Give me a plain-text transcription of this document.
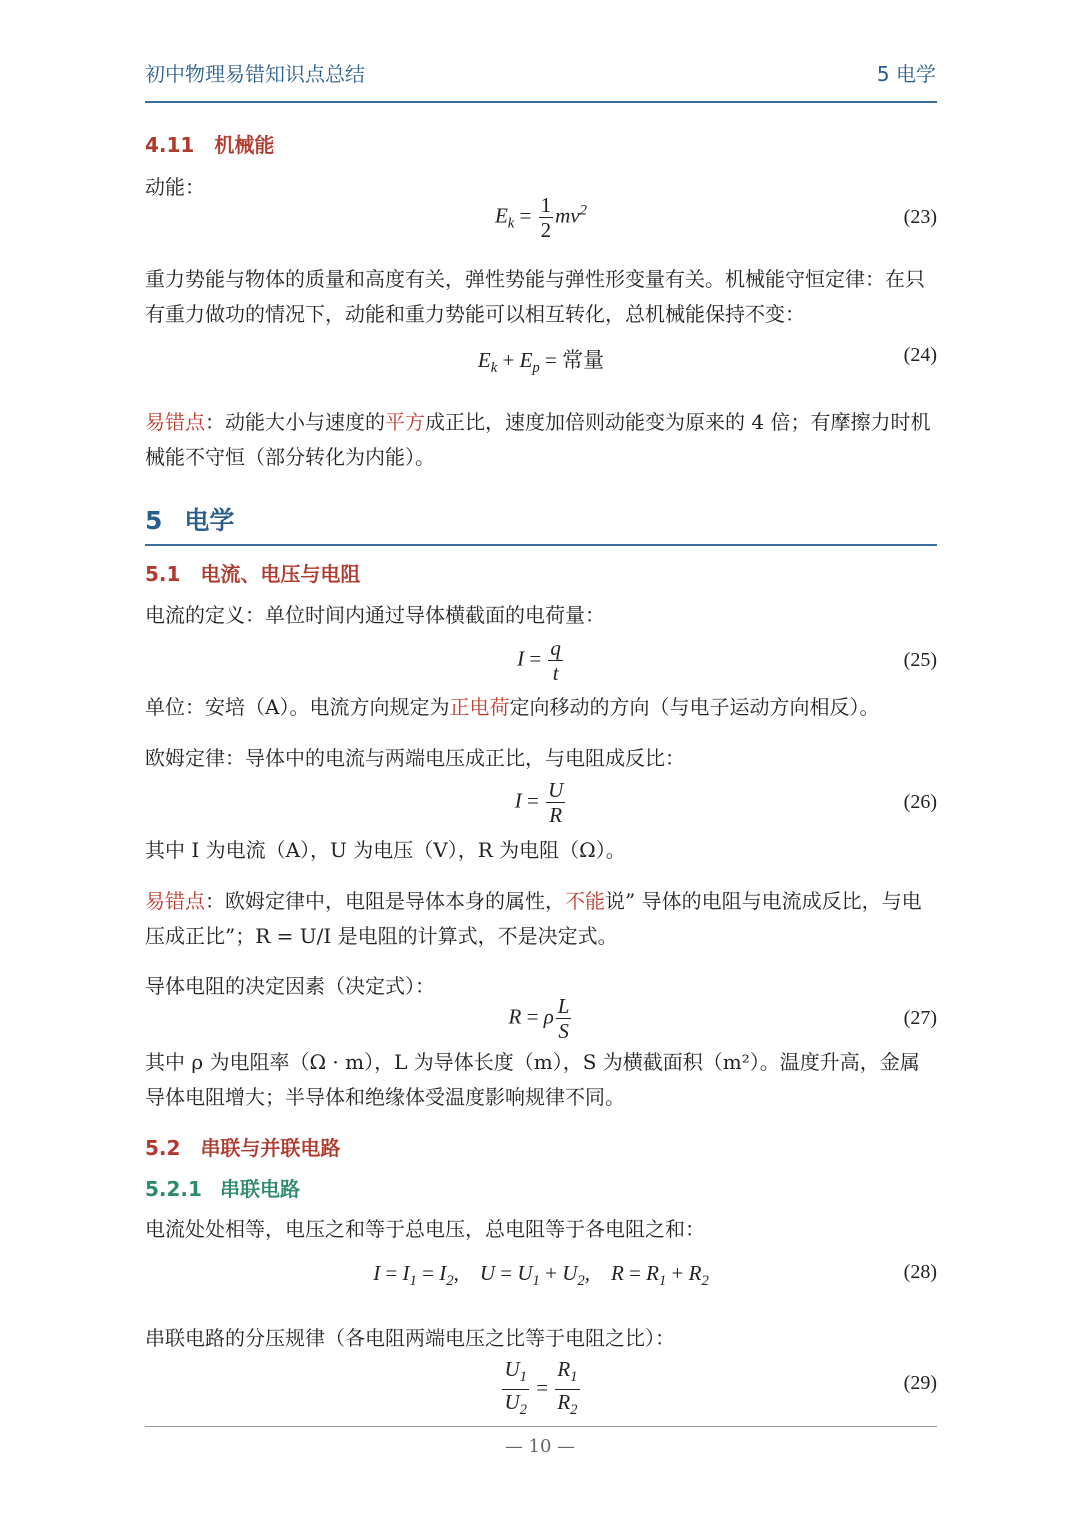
初中物理易错知识点总结	5 电学
4.11 机械能
动能：
$E_k = \frac{1}{2} mv^2$	(23)
重力势能与物体的质量和高度有关，弹性势能与弹性形变量有关。机械能守恒定律：在只有重力做功的情况下，动能和重力势能可以相互转化，总机械能保持不变：
$E_k + E_p$ = 常量	(24)
易错点：动能大小与速度的平方成正比，速度加倍则动能变为原来的 4 倍；有摩擦力时机械能不守恒（部分转化为内能）。
5 电学
5.1 电流、电压与电阻
电流的定义：单位时间内通过导体横截面的电荷量：
$I = \frac{q}{t}$	(25)
单位：安培（A）。电流方向规定为正电荷定向移动的方向（与电子运动方向相反）。
欧姆定律：导体中的电流与两端电压成正比，与电阻成反比：
$I = \frac{U}{R}$	(26)
其中 I 为电流（A），U 为电压（V），R 为电阻（Ω）。
易错点：欧姆定律中，电阻是导体本身的属性，不能说” 导体的电阻与电流成反比，与电压成正比”；R = U/I 是电阻的计算式，不是决定式。
导体电阻的决定因素（决定式）：
R = ρ $\frac{L}{S}$	(27)
其中 ρ 为电阻率（Ω · m），L 为导体长度（m），S 为横截面积（m²）。温度升高，金属导体电阻增大；半导体和绝缘体受温度影响规律不同。
5.2 串联与并联电路
5.2.1 串联电路
电流处处相等，电压之和等于总电压，总电阻等于各电阻之和：
$I = I_1 = I_2$,    $U = U_1 + U_2$,    $R = R_1 + R_2$	(28)
串联电路的分压规律（各电阻两端电压之比等于电阻之比）：
$\frac{U_1}{U_2} = \frac{R_1}{R_2}$	(29)
— 10 —
